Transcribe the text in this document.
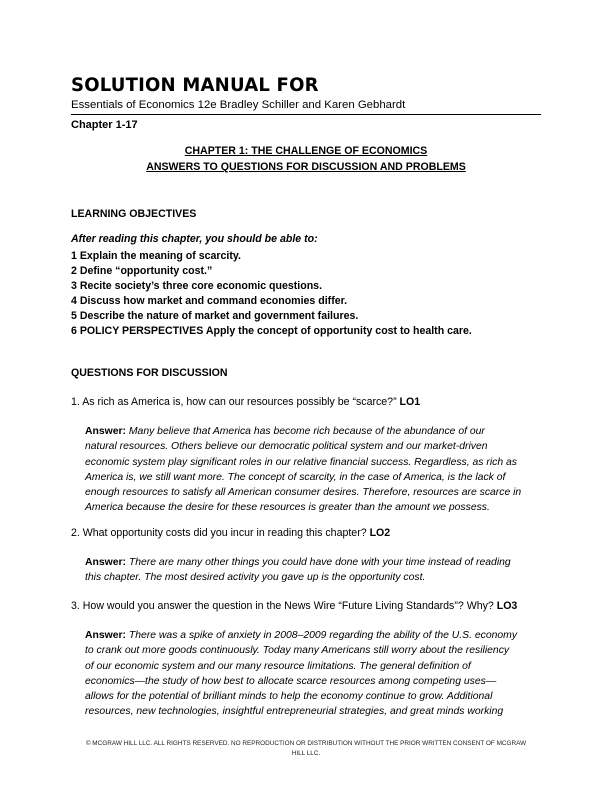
SOLUTION MANUAL FOR
Essentials of Economics 12e Bradley Schiller and Karen Gebhardt
Chapter 1-17
CHAPTER 1: THE CHALLENGE OF ECONOMICS
ANSWERS TO QUESTIONS FOR DISCUSSION AND PROBLEMS
LEARNING OBJECTIVES
After reading this chapter, you should be able to:
1 Explain the meaning of scarcity.
2 Define “opportunity cost.”
3 Recite society’s three core economic questions.
4 Discuss how market and command economies differ.
5 Describe the nature of market and government failures.
6 POLICY PERSPECTIVES Apply the concept of opportunity cost to health care.
QUESTIONS FOR DISCUSSION
1. As rich as America is, how can our resources possibly be “scarce?” LO1
Answer: Many believe that America has become rich because of the abundance of our
natural resources. Others believe our democratic political system and our market-driven
economic system play significant roles in our relative financial success. Regardless, as rich as
America is, we still want more. The concept of scarcity, in the case of America, is the lack of
enough resources to satisfy all American consumer desires. Therefore, resources are scarce in
America because the desire for these resources is greater than the amount we possess.
2. What opportunity costs did you incur in reading this chapter? LO2
Answer: There are many other things you could have done with your time instead of reading
this chapter. The most desired activity you gave up is the opportunity cost.
3. How would you answer the question in the News Wire “Future Living Standards”? Why? LO3
Answer: There was a spike of anxiety in 2008–2009 regarding the ability of the U.S. economy
to crank out more goods continuously. Today many Americans still worry about the resiliency
of our economic system and our many resource limitations. The general definition of
economics—the study of how best to allocate scarce resources among competing uses—
allows for the potential of brilliant minds to help the economy continue to grow. Additional
resources, new technologies, insightful entrepreneurial strategies, and great minds working
© MCGRAW HILL LLC. ALL RIGHTS RESERVED. NO REPRODUCTION OR DISTRIBUTION WITHOUT THE PRIOR WRITTEN CONSENT OF MCGRAW
HILL LLC.
